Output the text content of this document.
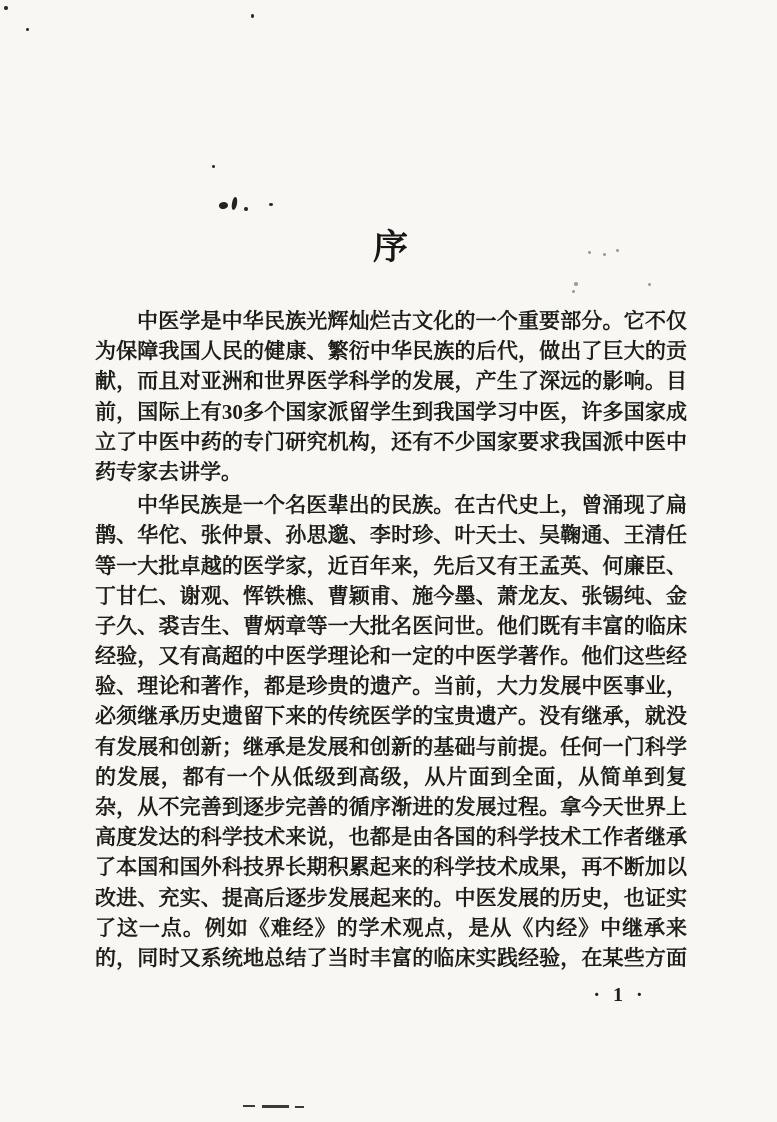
序
中医学是中华民族光辉灿烂古文化的一个重要部分。它不仅
为保障我国人民的健康、繁衍中华民族的后代，做出了巨大的贡
献，而且对亚洲和世界医学科学的发展，产生了深远的影响。目
前，国际上有30多个国家派留学生到我国学习中医，许多国家成
立了中医中药的专门研究机构，还有不少国家要求我国派中医中
药专家去讲学。
中华民族是一个名医辈出的民族。在古代史上，曾涌现了扁
鹊、华佗、张仲景、孙思邈、李时珍、叶天士、吴鞠通、王清任
等一大批卓越的医学家，近百年来，先后又有王孟英、何廉臣、
丁甘仁、谢观、恽铁樵、曹颖甫、施今墨、萧龙友、张锡纯、金
子久、裘吉生、曹炳章等一大批名医问世。他们既有丰富的临床
经验，又有高超的中医学理论和一定的中医学著作。他们这些经
验、理论和著作，都是珍贵的遗产。当前，大力发展中医事业，
必须继承历史遗留下来的传统医学的宝贵遗产。没有继承，就没
有发展和创新；继承是发展和创新的基础与前提。任何一门科学
的发展，都有一个从低级到高级，从片面到全面，从简单到复
杂，从不完善到逐步完善的循序渐进的发展过程。拿今天世界上
高度发达的科学技术来说，也都是由各国的科学技术工作者继承
了本国和国外科技界长期积累起来的科学技术成果，再不断加以
改进、充实、提高后逐步发展起来的。中医发展的历史，也证实
了这一点。例如《难经》的学术观点，是从《内经》中继承来
的，同时又系统地总结了当时丰富的临床实践经验，在某些方面
· 1 ·
